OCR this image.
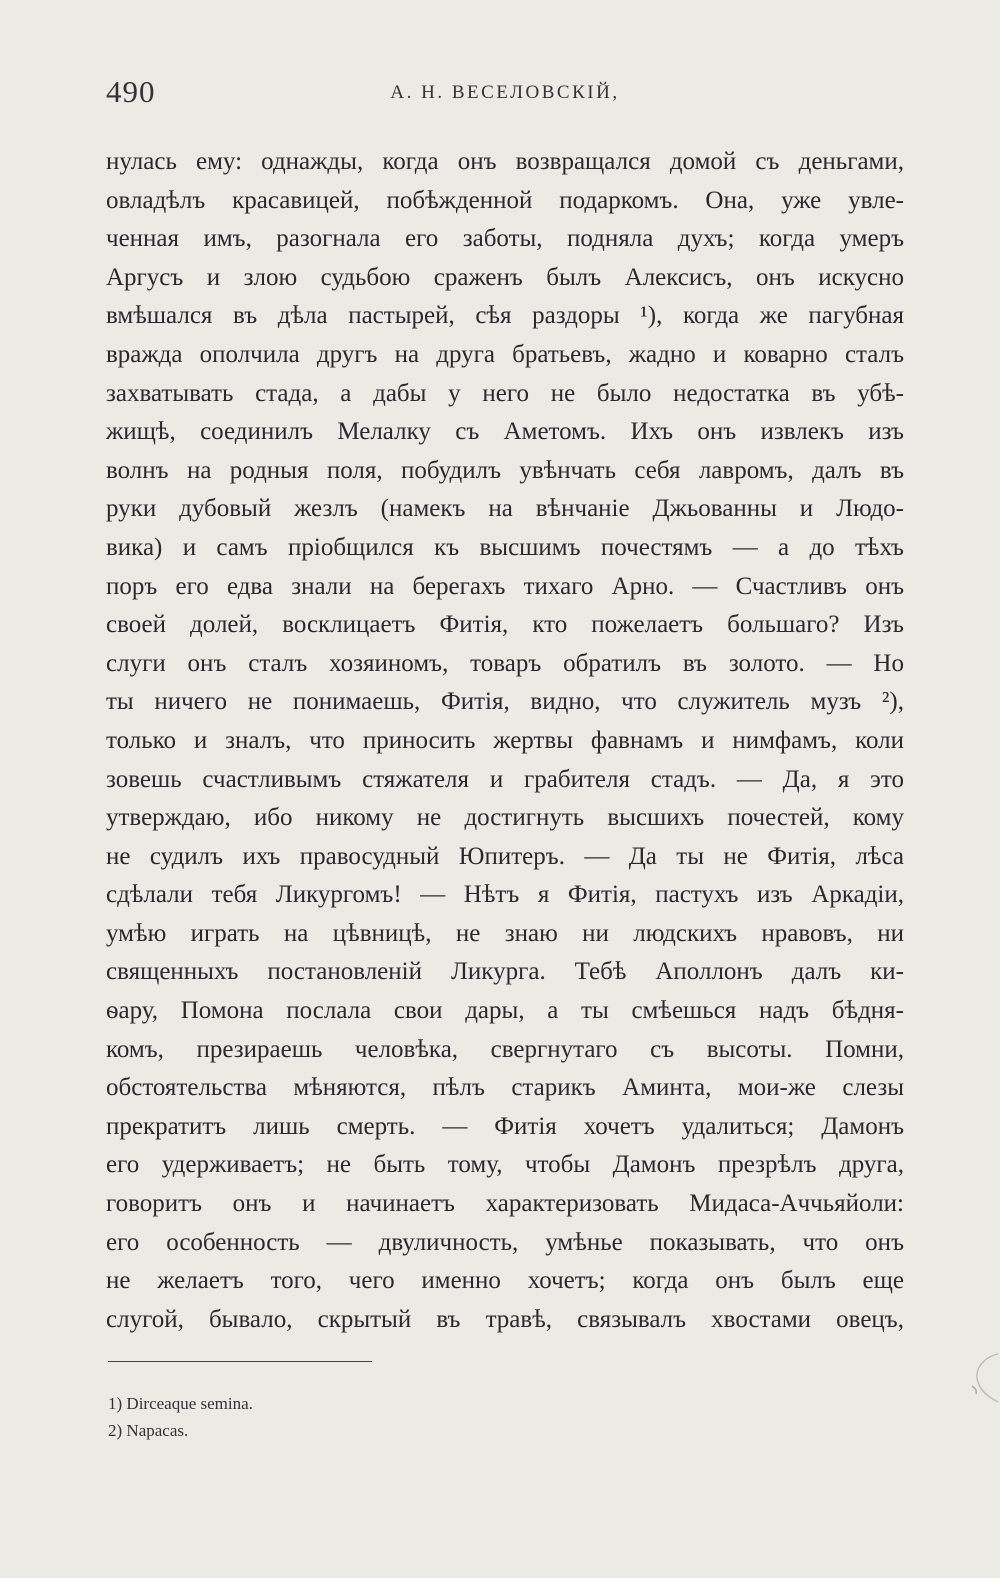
490	А. Н. ВЕСЕЛОВСКІЙ,
нулась ему: однажды, когда онъ возвращался домой съ деньгами,
овладѣлъ красавицей, побѣжденной подаркомъ. Она, уже увле-
ченная имъ, разогнала его заботы, подняла духъ; когда умеръ
Аргусъ и злою судьбою сраженъ былъ Алексисъ, онъ искусно
вмѣшался въ дѣла пастырей, сѣя раздоры ¹), когда же пагубная
вражда ополчила другъ на друга братьевъ, жадно и коварно сталъ
захватывать стада, а дабы у него не было недостатка въ убѣ-
жищѣ, соединилъ Мелалку съ Аметомъ. Ихъ онъ извлекъ изъ
волнъ на родныя поля, побудилъ увѣнчать себя лавромъ, далъ въ
руки дубовый жезлъ (намекъ на вѣнчаніе Джьованны и Людо-
вика) и самъ пріобщился къ высшимъ почестямъ — а до тѣхъ
поръ его едва знали на берегахъ тихаго Арно. — Счастливъ онъ
своей долей, восклицаетъ Фитія, кто пожелаетъ большаго? Изъ
слуги онъ сталъ хозяиномъ, товаръ обратилъ въ золото. — Но
ты ничего не понимаешь, Фитія, видно, что служитель музъ ²),
только и зналъ, что приносить жертвы фавнамъ и нимфамъ, коли
зовешь счастливымъ стяжателя и грабителя стадъ. — Да, я это
утверждаю, ибо никому не достигнуть высшихъ почестей, кому
не судилъ ихъ правосудный Юпитеръ. — Да ты не Фитія, лѣса
сдѣлали тебя Ликургомъ! — Нѣтъ я Фитія, пастухъ изъ Аркадіи,
умѣю играть на цѣвницѣ, не знаю ни людскихъ нравовъ, ни
священныхъ постановленій Ликурга. Тебѣ Аполлонъ далъ ки-
ѳару, Помона послала свои дары, а ты смѣешься надъ бѣдня-
комъ, презираешь человѣка, свергнутаго съ высоты. Помни,
обстоятельства мѣняются, пѣлъ старикъ Аминта, мои-же слезы
прекратитъ лишь смерть. — Фитія хочетъ удалиться; Дамонъ
его удерживаетъ; не быть тому, чтобы Дамонъ презрѣлъ друга,
говоритъ онъ и начинаетъ характеризовать Мидаса-Аччьяйоли:
его особенность — двуличность, умѣнье показывать, что онъ
не желаетъ того, чего именно хочетъ; когда онъ былъ еще
слугой, бывало, скрытый въ травѣ, связывалъ хвостами овецъ,
1) Dirceaque semina.
2) Napacas.
